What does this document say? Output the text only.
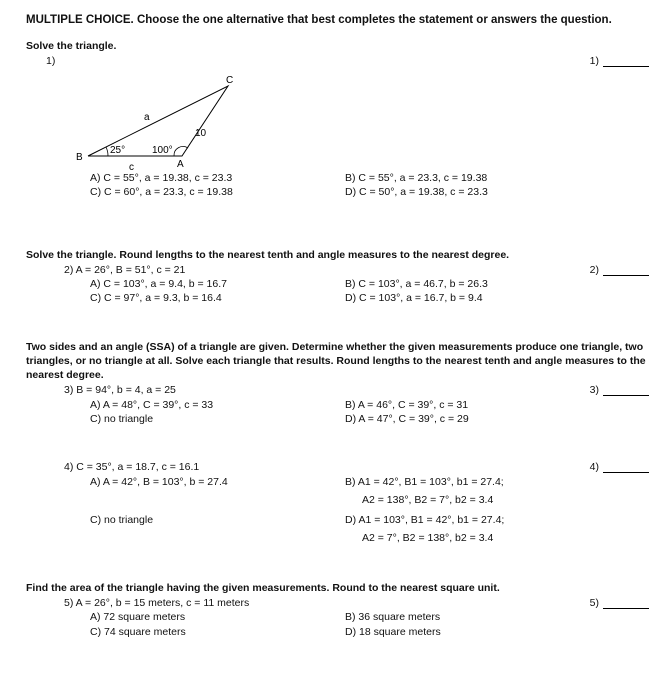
MULTIPLE CHOICE. Choose the one alternative that best completes the statement or answers the question.
Solve the triangle.
1)	1)
C
B
A
a
c
10
25°	100°
A) C = 55°, a = 19.38, c = 23.3	B) C = 55°, a = 23.3, c = 19.38
C) C = 60°, a = 23.3, c = 19.38	D) C = 50°, a = 19.38, c = 23.3
Solve the triangle. Round lengths to the nearest tenth and angle measures to the nearest degree.
2) A = 26°, B = 51°, c = 21	2)
A) C = 103°, a = 9.4, b = 16.7	B) C = 103°, a = 46.7, b = 26.3
C) C = 97°, a = 9.3, b = 16.4	D) C = 103°, a = 16.7, b = 9.4
Two sides and an angle (SSA) of a triangle are given. Determine whether the given measurements produce one triangle, two triangles, or no triangle at all. Solve each triangle that results. Round lengths to the nearest tenth and angle measures to the nearest degree.
3) B = 94°, b = 4, a = 25	3)
A) A = 48°, C = 39°, c = 33	B) A = 46°, C = 39°, c = 31
C) no triangle	D) A = 47°, C = 39°, c = 29
4) C = 35°, a = 18.7, c = 16.1	4)
A) A = 42°, B = 103°, b = 27.4	B) A1 = 42°, B1 = 103°, b1 = 27.4;
A2 = 138°, B2 = 7°, b2 = 3.4
C) no triangle	D) A1 = 103°, B1 = 42°, b1 = 27.4;
A2 = 7°, B2 = 138°, b2 = 3.4
Find the area of the triangle having the given measurements. Round to the nearest square unit.
5) A = 26°, b = 15 meters, c = 11 meters	5)
A) 72 square meters	B) 36 square meters
C) 74 square meters	D) 18 square meters
